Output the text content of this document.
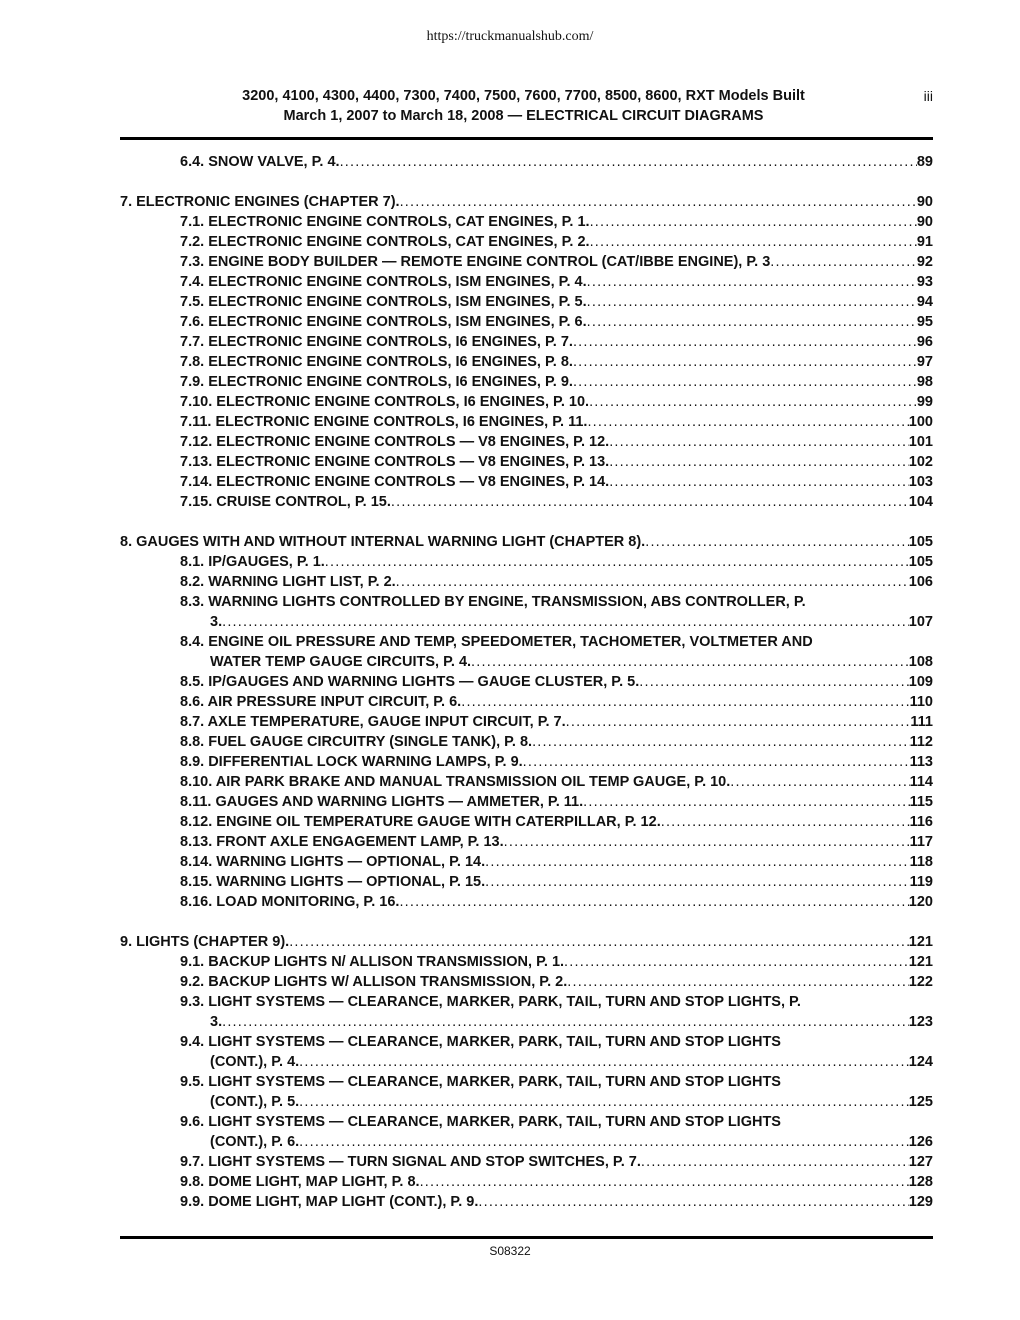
https://truckmanualshub.com/
3200, 4100, 4300, 4400, 7300, 7400, 7500, 7600, 7700, 8500, 8600, RXT Models Built
March 1, 2007 to March 18, 2008 — ELECTRICAL CIRCUIT DIAGRAMS
iii
6.4. SNOW VALVE, P. 4. .....	89
7. ELECTRONIC ENGINES (CHAPTER 7). .....	90
7.1. ELECTRONIC ENGINE CONTROLS, CAT ENGINES, P. 1. .....	90
7.2. ELECTRONIC ENGINE CONTROLS, CAT ENGINES, P. 2. .....	91
7.3. ENGINE BODY BUILDER — REMOTE ENGINE CONTROL (CAT/IBBE ENGINE), P. 3 .....	92
7.4. ELECTRONIC ENGINE CONTROLS, ISM ENGINES, P. 4. .....	93
7.5. ELECTRONIC ENGINE CONTROLS, ISM ENGINES, P. 5. .....	94
7.6. ELECTRONIC ENGINE CONTROLS, ISM ENGINES, P. 6. .....	95
7.7. ELECTRONIC ENGINE CONTROLS, I6 ENGINES, P. 7. .....	96
7.8. ELECTRONIC ENGINE CONTROLS, I6 ENGINES, P. 8. .....	97
7.9. ELECTRONIC ENGINE CONTROLS, I6 ENGINES, P. 9. .....	98
7.10. ELECTRONIC ENGINE CONTROLS, I6 ENGINES, P. 10. .....	99
7.11. ELECTRONIC ENGINE CONTROLS, I6 ENGINES, P. 11. .....	100
7.12. ELECTRONIC ENGINE CONTROLS — V8 ENGINES, P. 12. .....	101
7.13. ELECTRONIC ENGINE CONTROLS — V8 ENGINES, P. 13. .....	102
7.14. ELECTRONIC ENGINE CONTROLS — V8 ENGINES, P. 14. .....	103
7.15. CRUISE CONTROL, P. 15. .....	104
8. GAUGES WITH AND WITHOUT INTERNAL WARNING LIGHT (CHAPTER 8). .....	105
8.1. IP/GAUGES, P. 1. .....	105
8.2. WARNING LIGHT LIST, P. 2. .....	106
8.3. WARNING LIGHTS CONTROLLED BY ENGINE, TRANSMISSION, ABS CONTROLLER, P.
3. .....	107
8.4. ENGINE OIL PRESSURE AND TEMP, SPEEDOMETER, TACHOMETER, VOLTMETER AND
WATER TEMP GAUGE CIRCUITS, P. 4. .....	108
8.5. IP/GAUGES AND WARNING LIGHTS — GAUGE CLUSTER, P. 5. .....	109
8.6. AIR PRESSURE INPUT CIRCUIT, P. 6. .....	110
8.7. AXLE TEMPERATURE, GAUGE INPUT CIRCUIT, P. 7. .....	111
8.8. FUEL GAUGE CIRCUITRY (SINGLE TANK), P. 8. .....	112
8.9. DIFFERENTIAL LOCK WARNING LAMPS, P. 9. .....	113
8.10. AIR PARK BRAKE AND MANUAL TRANSMISSION OIL TEMP GAUGE, P. 10. .....	114
8.11. GAUGES AND WARNING LIGHTS — AMMETER, P. 11. .....	115
8.12. ENGINE OIL TEMPERATURE GAUGE WITH CATERPILLAR, P. 12. .....	116
8.13. FRONT AXLE ENGAGEMENT LAMP, P. 13. .....	117
8.14. WARNING LIGHTS — OPTIONAL, P. 14. .....	118
8.15. WARNING LIGHTS — OPTIONAL, P. 15. .....	119
8.16. LOAD MONITORING, P. 16. .....	120
9. LIGHTS (CHAPTER 9). .....	121
9.1. BACKUP LIGHTS N/ ALLISON TRANSMISSION, P. 1. .....	121
9.2. BACKUP LIGHTS W/ ALLISON TRANSMISSION, P. 2. .....	122
9.3. LIGHT SYSTEMS — CLEARANCE, MARKER, PARK, TAIL, TURN AND STOP LIGHTS, P.
3. .....	123
9.4. LIGHT SYSTEMS — CLEARANCE, MARKER, PARK, TAIL, TURN AND STOP LIGHTS
(CONT.), P. 4. .....	124
9.5. LIGHT SYSTEMS — CLEARANCE, MARKER, PARK, TAIL, TURN AND STOP LIGHTS
(CONT.), P. 5. .....	125
9.6. LIGHT SYSTEMS — CLEARANCE, MARKER, PARK, TAIL, TURN AND STOP LIGHTS
(CONT.), P. 6. .....	126
9.7. LIGHT SYSTEMS — TURN SIGNAL AND STOP SWITCHES, P. 7. .....	127
9.8. DOME LIGHT, MAP LIGHT, P. 8. .....	128
9.9. DOME LIGHT, MAP LIGHT (CONT.), P. 9. .....	129
S08322
